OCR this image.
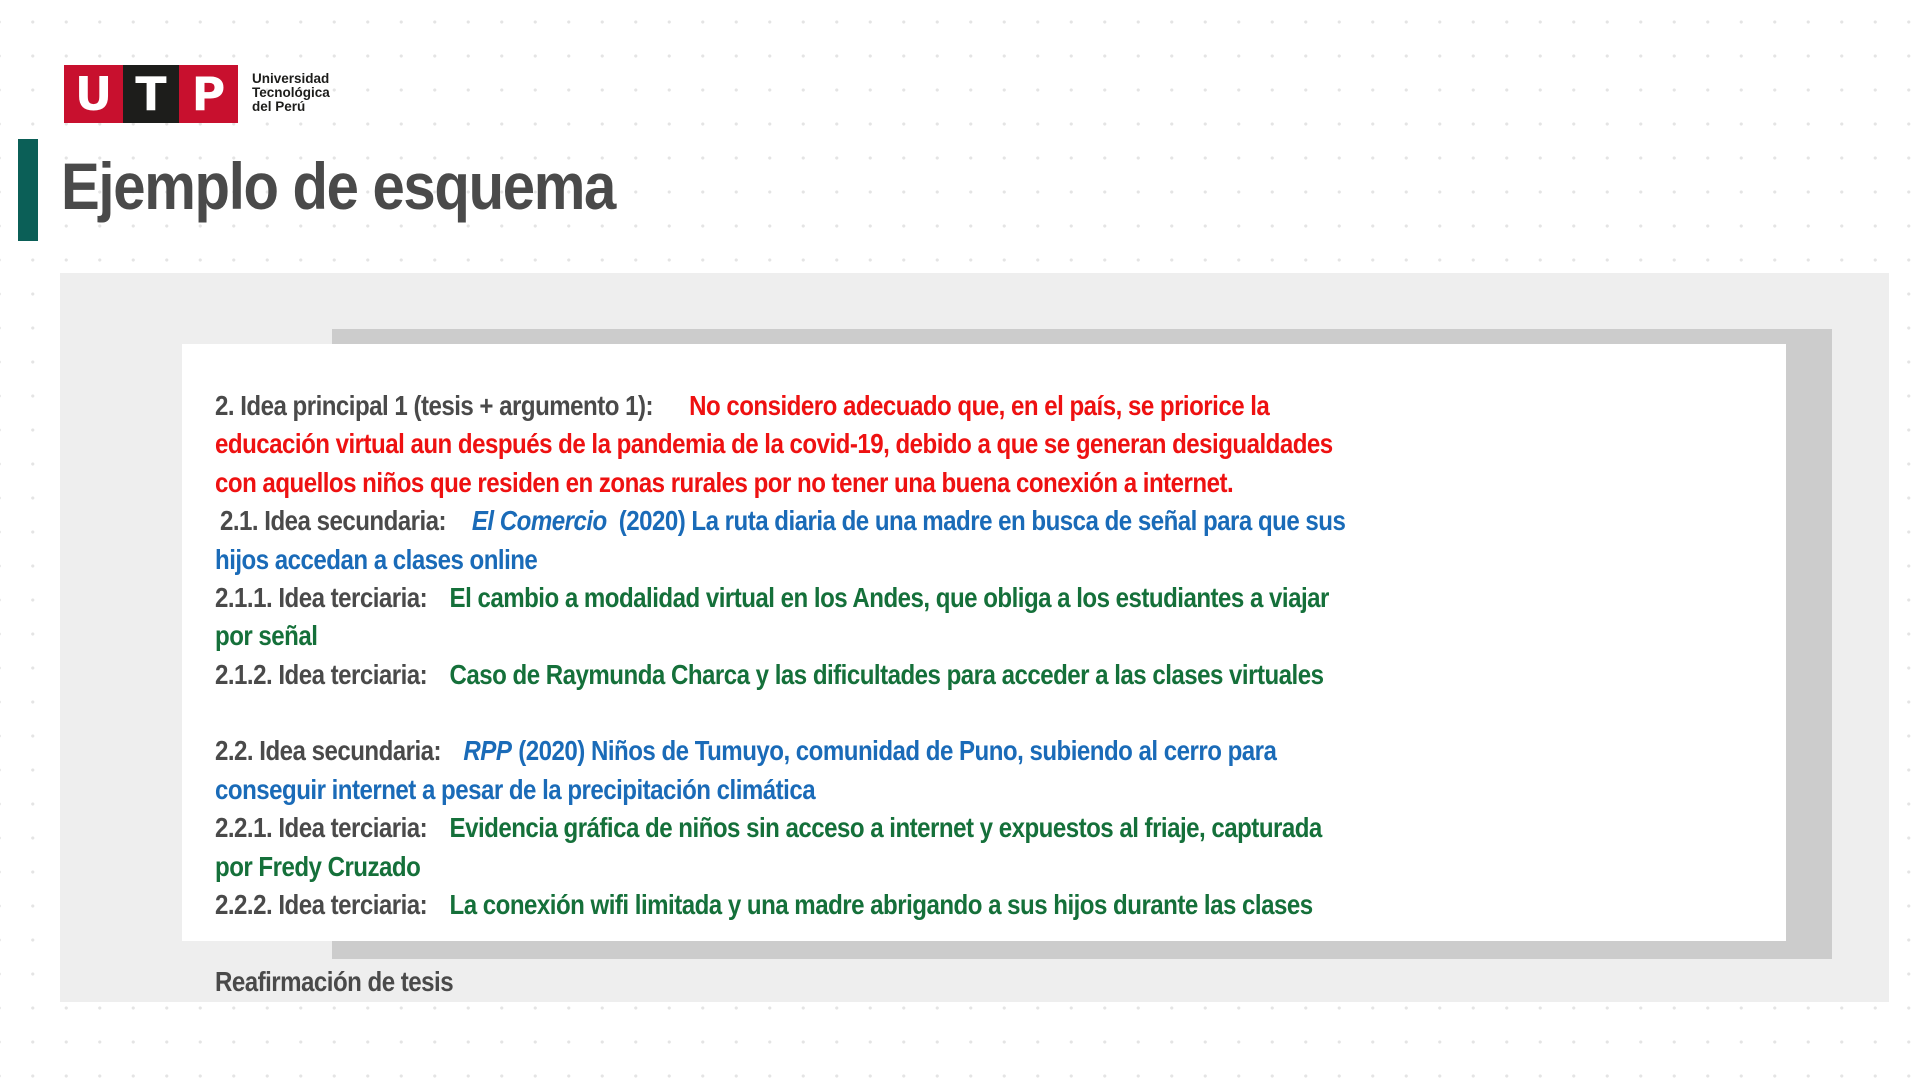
U T P	Universidad
Tecnológica
del Perú
Ejemplo de esquema
2. Idea principal 1 (tesis + argumento 1): No considero adecuado que, en el país, se priorice la
educación virtual aun después de la pandemia de la covid-19, debido a que se generan desigualdades
con aquellos niños que residen en zonas rurales por no tener una buena conexión a internet.
2.1. Idea secundaria: El Comercio (2020) La ruta diaria de una madre en busca de señal para que sus
hijos accedan a clases online
2.1.1. Idea terciaria: El cambio a modalidad virtual en los Andes, que obliga a los estudiantes a viajar
por señal
2.1.2. Idea terciaria: Caso de Raymunda Charca y las dificultades para acceder a las clases virtuales
2.2. Idea secundaria: RPP (2020) Niños de Tumuyo, comunidad de Puno, subiendo al cerro para
conseguir internet a pesar de la precipitación climática
2.2.1. Idea terciaria: Evidencia gráfica de niños sin acceso a internet y expuestos al friaje, capturada
por Fredy Cruzado
2.2.2. Idea terciaria: La conexión wifi limitada y una madre abrigando a sus hijos durante las clases
Reafirmación de tesis
